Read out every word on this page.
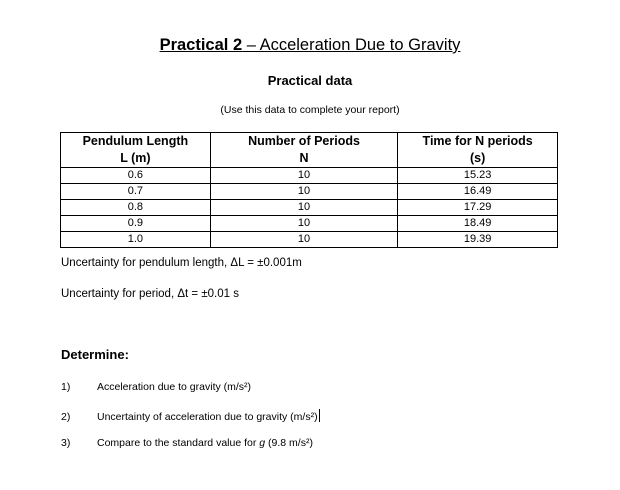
Practical 2 – Acceleration Due to Gravity
Practical data
(Use this data to complete your report)
Pendulum Length	Number of Periods	Time for N periods
L (m)	N	(s)
0.6	10	15.23
0.7	10	16.49
0.8	10	17.29
0.9	10	18.49
1.0	10	19.39
Uncertainty for pendulum length, ΔL = ±0.001m
Uncertainty for period, Δt = ±0.01 s
Determine:
1)	Acceleration due to gravity (m/s²)
2)	Uncertainty of acceleration due to gravity (m/s²)
3)	Compare to the standard value for g (9.8 m/s²)
